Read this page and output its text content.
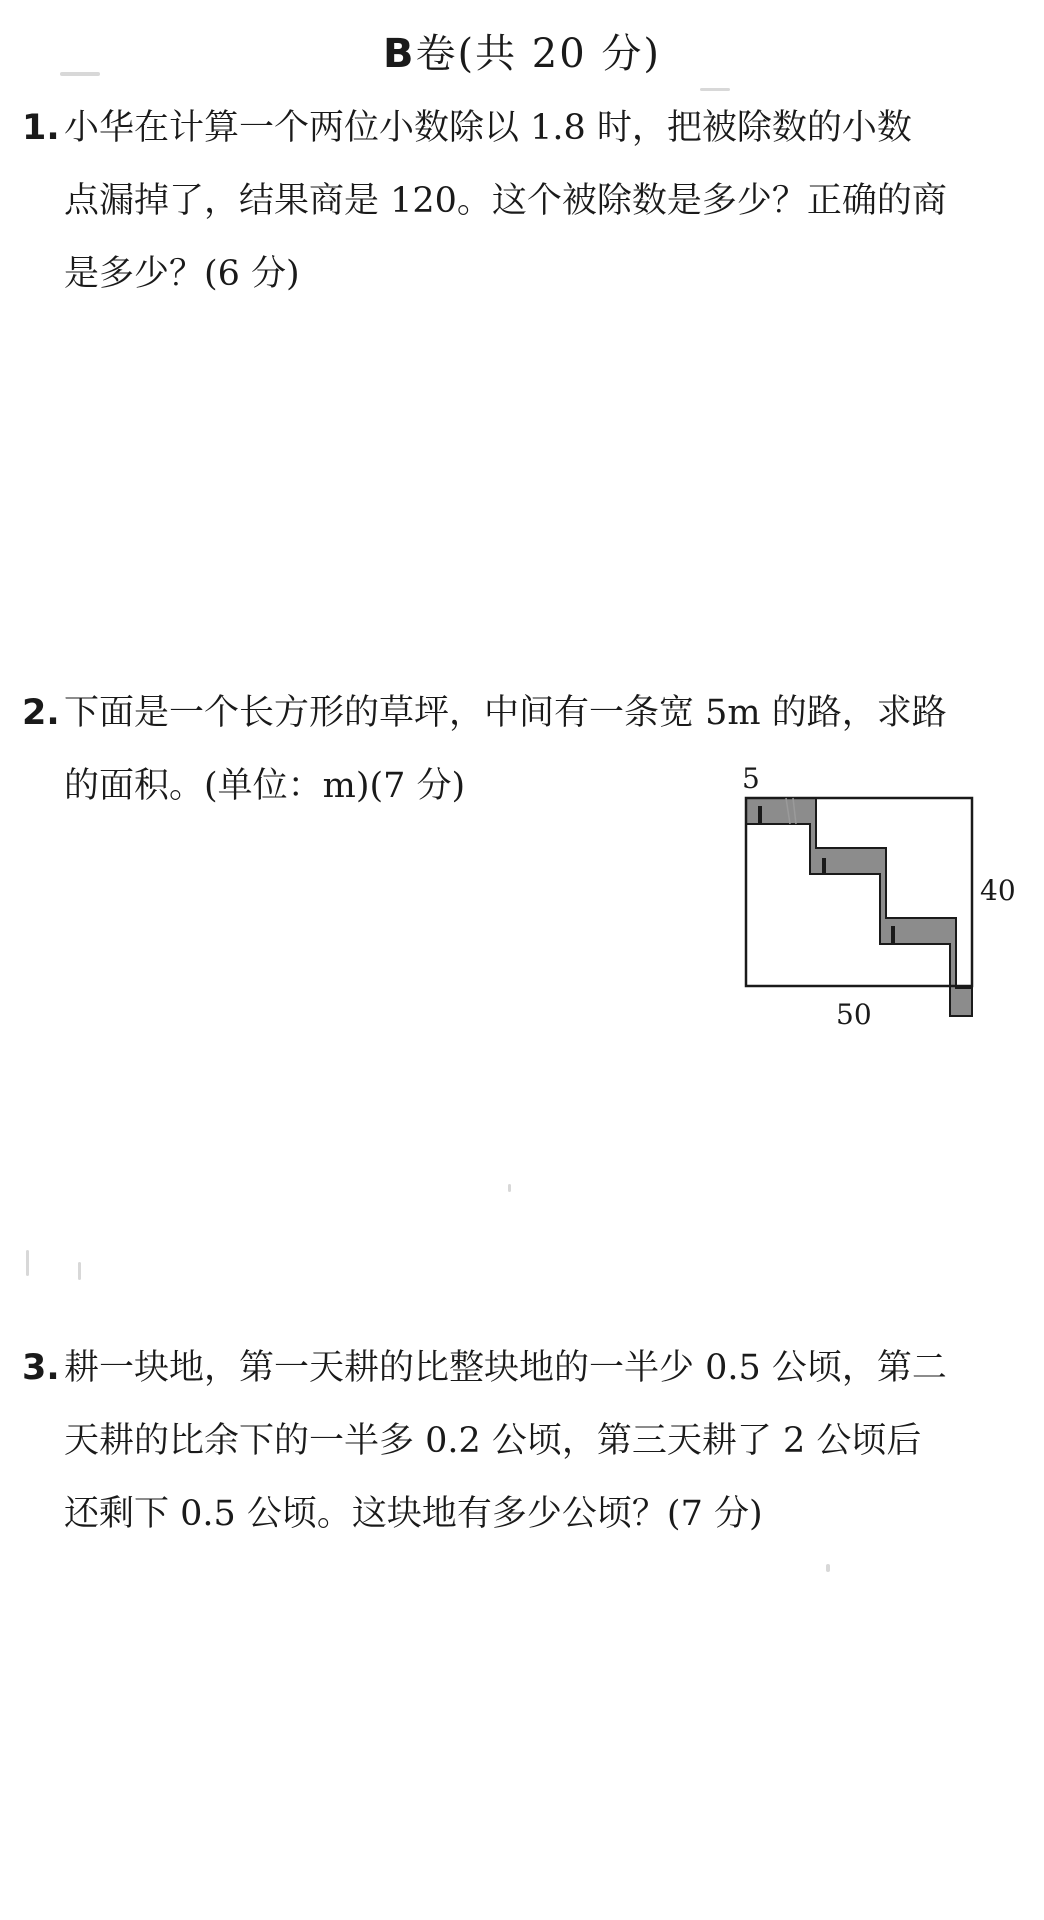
B卷(共 20 分)
1. 小华在计算一个两位小数除以 1.8 时，把被除数的小数
点漏掉了，结果商是 120。这个被除数是多少？正确的商
是多少？(6 分)
2. 下面是一个长方形的草坪，中间有一条宽 5m 的路，求路
的面积。(单位：m)(7 分)	5
40
50
3. 耕一块地，第一天耕的比整块地的一半少 0.5 公顷，第二
天耕的比余下的一半多 0.2 公顷，第三天耕了 2 公顷后
还剩下 0.5 公顷。这块地有多少公顷？(7 分)
